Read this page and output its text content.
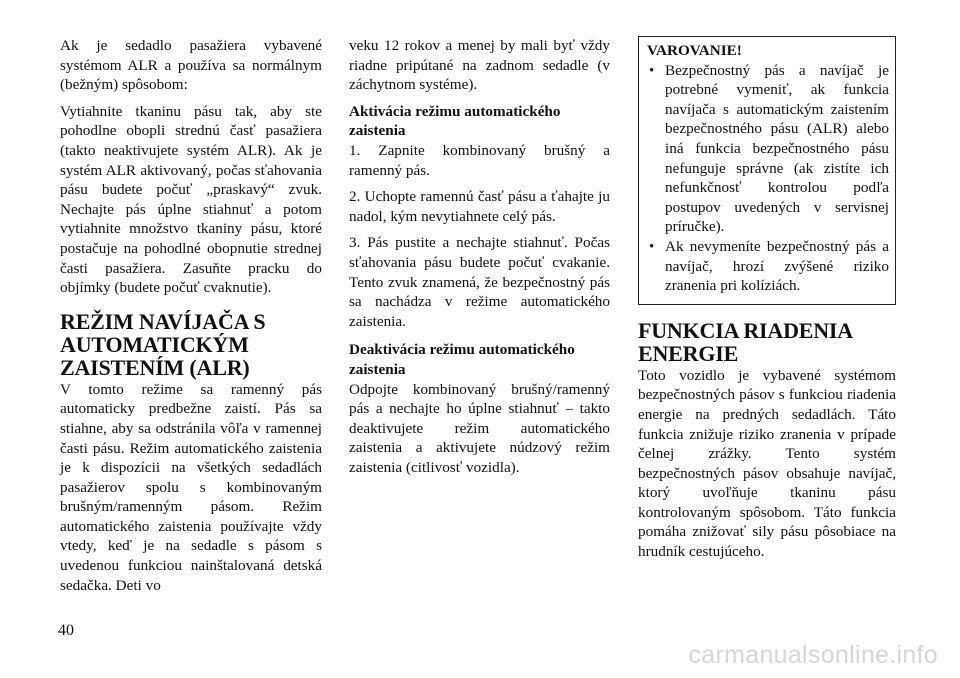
Ak je sedadlo pasažiera vybavené systémom ALR a používa sa normálnym (bežným) spôsobom:

Vytiahnite tkaninu pásu tak, aby ste pohodlne obopli strednú časť pasažiera (takto neaktivujete systém ALR). Ak je systém ALR aktivovaný, počas sťahovania pásu budete počuť „praskavý“ zvuk. Nechajte pás úplne stiahnuť a potom vytiahnite množstvo tkaniny pásu, ktoré postačuje na pohodlné obopnutie strednej časti pasažiera. Zasuňte pracku do objímky (budete počuť cvaknutie).

REŽIM NAVÍJAČA S AUTOMATICKÝM ZAISTENÍM (ALR)

V tomto režime sa ramenný pás automaticky predbežne zaistí. Pás sa stiahne, aby sa odstránila vôľa v ramennej časti pásu. Režim automatického zaistenia je k dispozícii na všetkých sedadlách pasažierov spolu s kombinovaným brušným/ramenným pásom. Režim automatického zaistenia používajte vždy vtedy, keď je na sedadle s pásom s uvedenou funkciou nainštalovaná detská sedačka. Deti vo

veku 12 rokov a menej by mali byť vždy riadne pripútané na zadnom sedadle (v záchytnom systéme).

Aktivácia režimu automatického zaistenia

1. Zapnite kombinovaný brušný a ramenný pás.

2. Uchopte ramennú časť pásu a ťahajte ju nadol, kým nevytiahnete celý pás.

3. Pás pustite a nechajte stiahnuť. Počas sťahovania pásu budete počuť cvakanie. Tento zvuk znamená, že bezpečnostný pás sa nachádza v režime automatického zaistenia.

Deaktivácia režimu automatického zaistenia

Odpojte kombinovaný brušný/ramenný pás a nechajte ho úplne stiahnuť – takto deaktivujete režim automatického zaistenia a aktivujete núdzový režim zaistenia (citlivosť vozidla).

VAROVANIE!
• Bezpečnostný pás a navíjač je potrebné vymeniť, ak funkcia navíjača s automatickým zaistením bezpečnostného pásu (ALR) alebo iná funkcia bezpečnostného pásu nefunguje správne (ak zistíte ich nefunkčnosť kontrolou podľa postupov uvedených v servisnej príručke).
• Ak nevymeníte bezpečnostný pás a navíjač, hrozí zvýšené riziko zranenia pri kolíziách.
FUNKCIA RIADENIA ENERGIE

Toto vozidlo je vybavené systémom bezpečnostných pásov s funkciou riadenia energie na predných sedadlách. Táto funkcia znižuje riziko zranenia v prípade čelnej zrážky. Tento systém bezpečnostných pásov obsahuje navíjač, ktorý uvoľňuje tkaninu pásu kontrolovaným spôsobom. Táto funkcia pomáha znižovať sily pásu pôsobiace na hrudník cestujúceho.

40
carmanualsonline.info
